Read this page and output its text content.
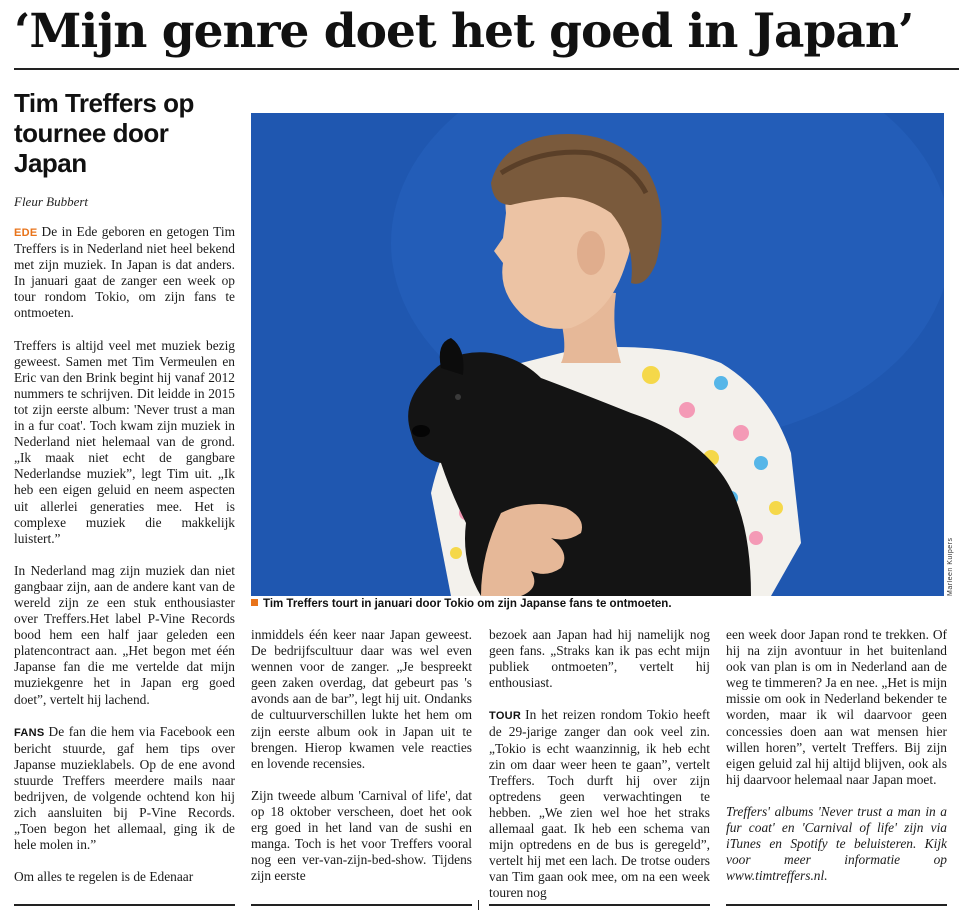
‘Mijn genre doet het goed in Japan’
Tim Treffers op tournee door Japan
Fleur Bubbert

EDE De in Ede geboren en getogen Tim Treffers is in Nederland niet heel bekend met zijn muziek. In Japan is dat anders. In januari gaat de zanger een week op tour rondom Tokio, om zijn fans te ontmoeten.

Treffers is altijd veel met muziek bezig geweest. Samen met Tim Vermeulen en Eric van den Brink begint hij vanaf 2012 nummers te schrijven. Dit leidde in 2015 tot zijn eerste album: 'Never trust a man in a fur coat'. Toch kwam zijn muziek in Nederland niet helemaal van de grond. „Ik maak niet echt de gangbare Nederlandse muziek”, legt Tim uit. „Ik heb een eigen geluid en neem aspecten uit allerlei generaties mee. Het is complexe muziek die makkelijk luistert.”

In Nederland mag zijn muziek dan niet gangbaar zijn, aan de andere kant van de wereld zijn ze een stuk enthousiaster over Treffers.Het label P-Vine Records bood hem een half jaar geleden een platencontract aan. „Het begon met één Japanse fan die me vertelde dat mijn muziekgenre het in Japan erg goed doet”, vertelt hij lachend.

FANS De fan die hem via Facebook een bericht stuurde, gaf hem tips over Japanse muzieklabels. Op de ene avond stuurde Treffers meerdere mails naar bedrijven, de volgende ochtend kon hij zich aansluiten bij P-Vine Records. „Toen begon het allemaal, ging ik de hele molen in.”

Om alles te regelen is de Edenaar

Marleen Kuipers
Tim Treffers tourt in januari door Tokio om zijn Japanse fans te ontmoeten.

inmiddels één keer naar Japan geweest. De bedrijfscultuur daar was wel even wennen voor de zanger. „Je bespreekt geen zaken overdag, dat gebeurt pas 's avonds aan de bar”, legt hij uit. Ondanks de cultuurverschillen lukte het hem om zijn eerste album ook in Japan uit te brengen. Hierop kwamen vele reacties en lovende recensies.

Zijn tweede album 'Carnival of life', dat op 18 oktober verscheen, doet het ook erg goed in het land van de sushi en manga. Toch is het voor Treffers vooral nog een ver-van-zijn-bed-show. Tijdens zijn eerste

bezoek aan Japan had hij namelijk nog geen fans. „Straks kan ik pas echt mijn publiek ontmoeten”, vertelt hij enthousiast.

TOUR In het reizen rondom Tokio heeft de 29-jarige zanger dan ook veel zin. „Tokio is echt waanzinnig, ik heb echt zin om daar weer heen te gaan”, vertelt Treffers. Toch durft hij over zijn optredens geen verwachtingen te hebben. „We zien wel hoe het straks allemaal gaat. Ik heb een schema van mijn optredens en de bus is geregeld”, vertelt hij met een lach. De trotse ouders van Tim gaan ook mee, om na een week touren nog

een week door Japan rond te trekken. Of hij na zijn avontuur in het buitenland ook van plan is om in Nederland aan de weg te timmeren? Ja en nee. „Het is mijn missie om ook in Nederland bekender te worden, maar ik wil daarvoor geen concessies doen aan wat mensen hier willen horen”, vertelt Treffers. Bij zijn eigen geluid zal hij altijd blijven, ook als hij daarvoor helemaal naar Japan moet.

Treffers' albums 'Never trust a man in a fur coat' en 'Carnival of life' zijn via iTunes en Spotify te beluisteren. Kijk voor meer informatie op www.timtreffers.nl.
